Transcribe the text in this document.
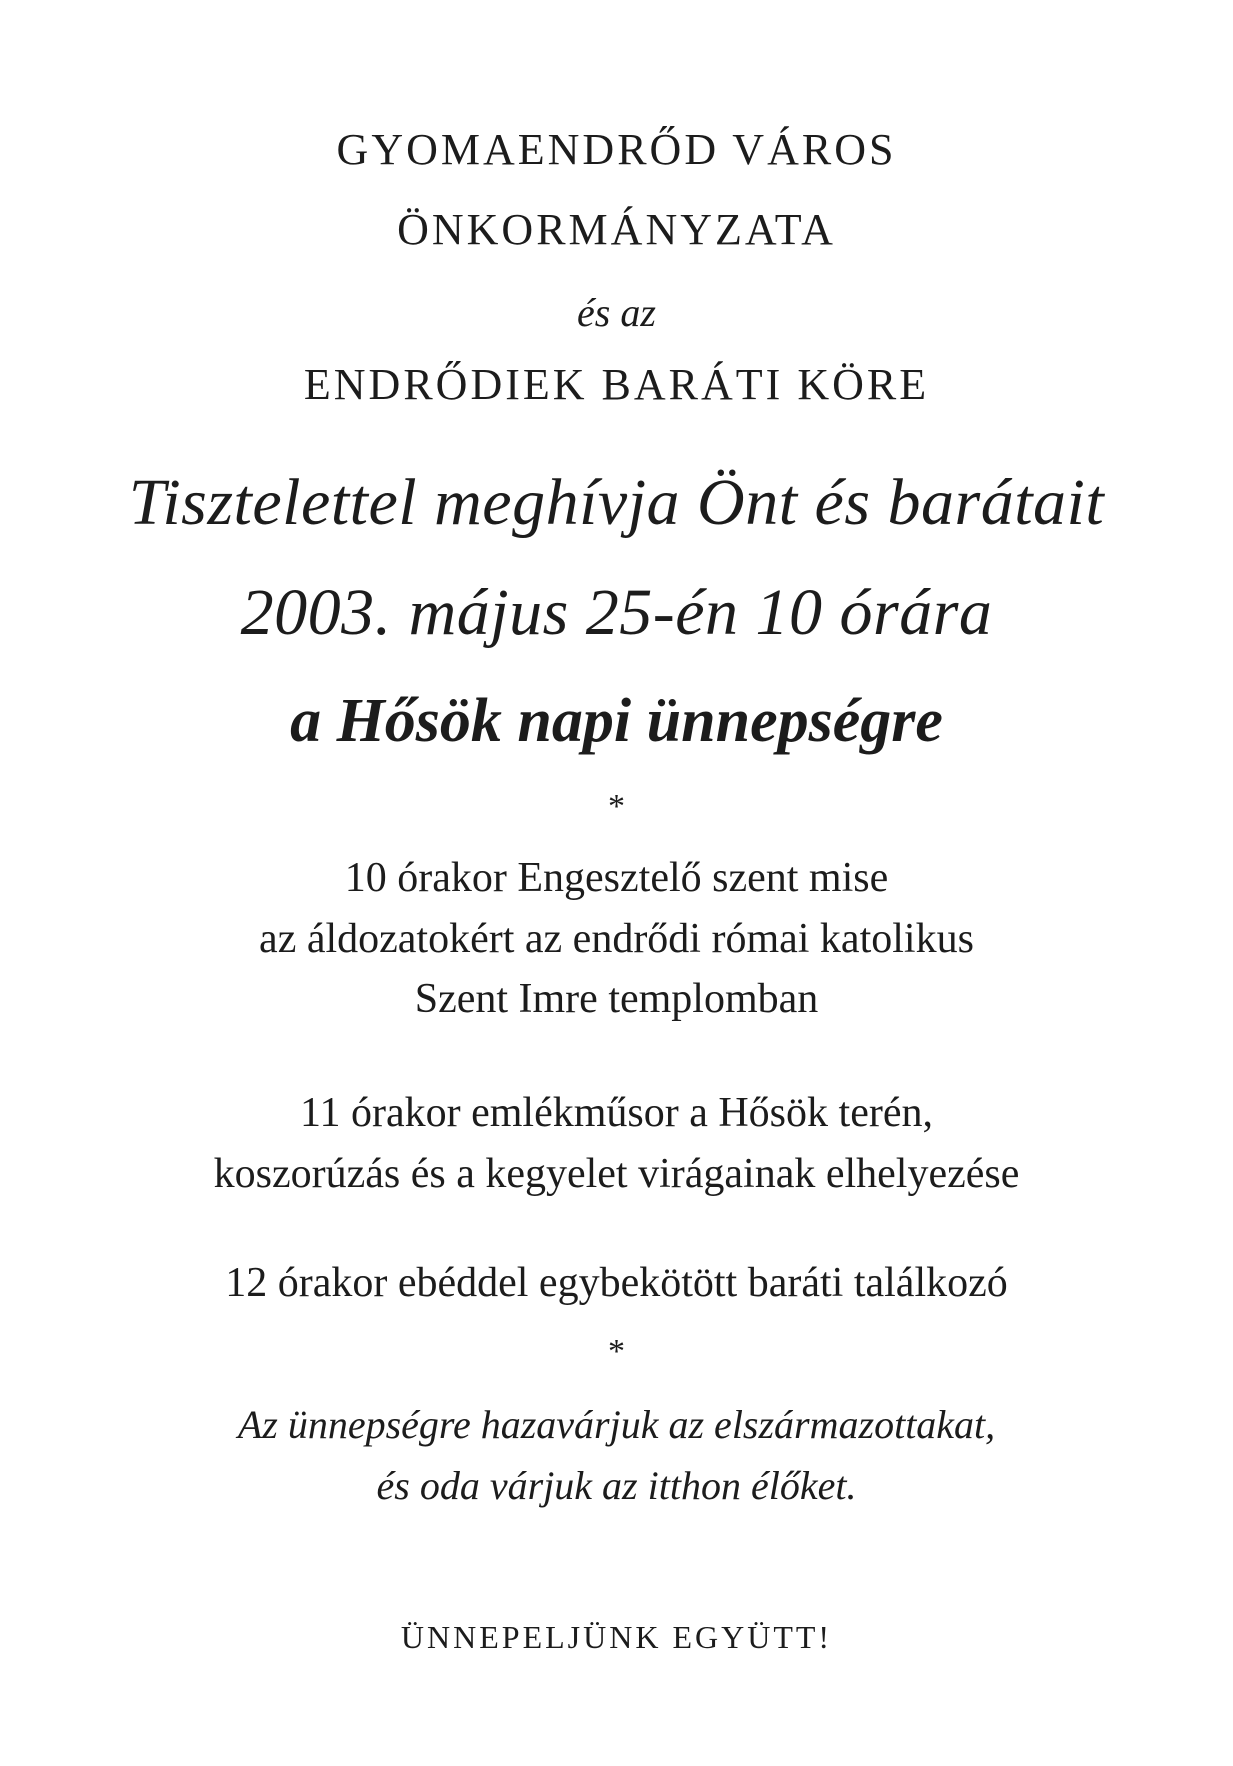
GYOMAENDRŐD VÁROS
ÖNKORMÁNYZATA
és az
ENDRŐDIEK BARÁTI KÖRE
Tisztelettel meghívja Önt és barátait
2003. május 25-én 10 órára
a Hősök napi ünnepségre
*
10 órakor Engesztelő szent mise
az áldozatokért az endrődi római katolikus
Szent Imre templomban
11 órakor emlékműsor a Hősök terén,
koszorúzás és a kegyelet virágainak elhelyezése
12 órakor ebéddel egybekötött baráti találkozó
*
Az ünnepségre hazavárjuk az elszármazottakat,
és oda várjuk az itthon élőket.
ÜNNEPELJÜNK EGYÜTT!
